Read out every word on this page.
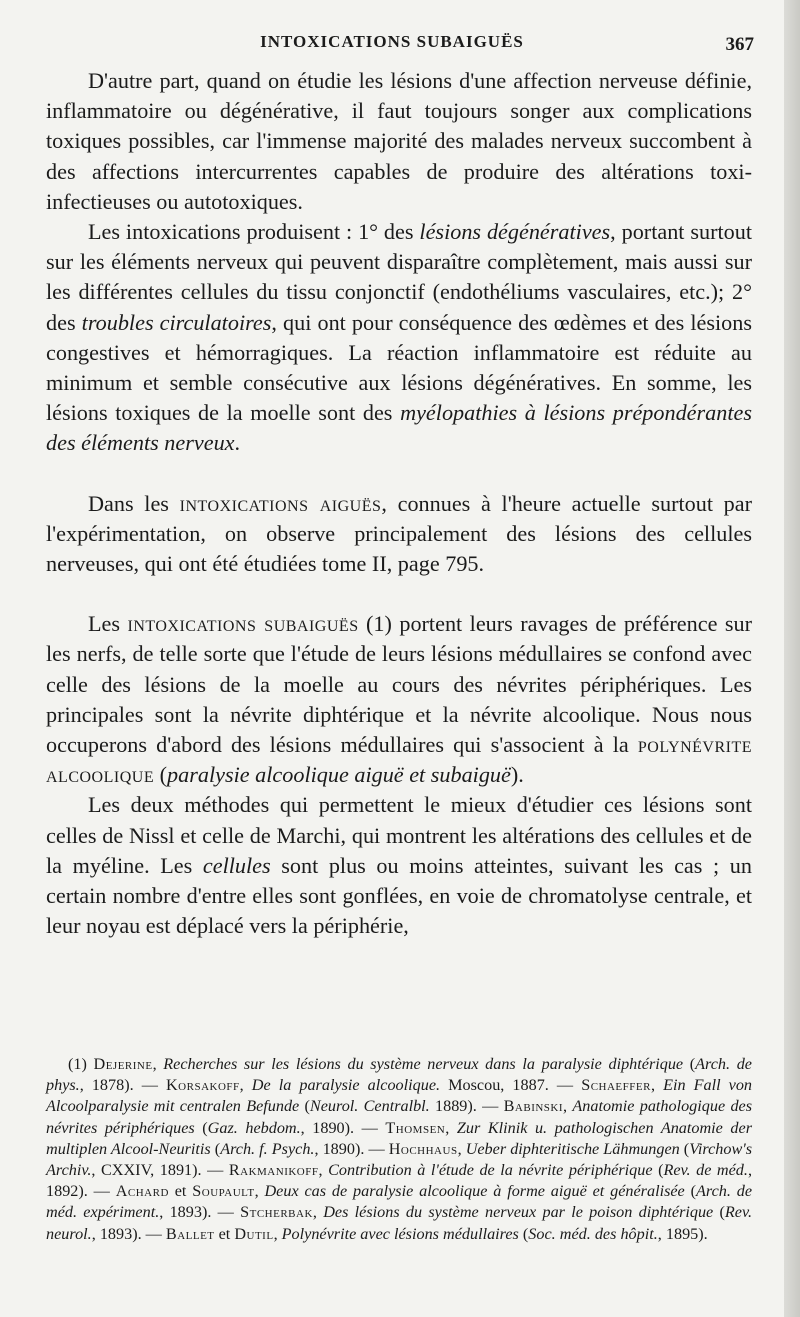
INTOXICATIONS SUBAIGUËS	367

D'autre part, quand on étudie les lésions d'une affection nerveuse définie, inflammatoire ou dégénérative, il faut toujours songer aux complications toxiques possibles, car l'immense majorité des malades nerveux succombent à des affections intercurrentes capables de produire des altérations toxi-infectieuses ou autotoxiques.

Les intoxications produisent : 1° des lésions dégénératives, portant surtout sur les éléments nerveux qui peuvent disparaître complètement, mais aussi sur les différentes cellules du tissu conjonctif (endothéliums vasculaires, etc.); 2° des troubles circulatoires, qui ont pour conséquence des œdèmes et des lésions congestives et hémorragiques. La réaction inflammatoire est réduite au minimum et semble consécutive aux lésions dégénératives. En somme, les lésions toxiques de la moelle sont des myélopathies à lésions prépondérantes des éléments nerveux.

Dans les intoxications aiguës, connues à l'heure actuelle surtout par l'expérimentation, on observe principalement des lésions des cellules nerveuses, qui ont été étudiées tome II, page 795.

Les intoxications subaiguës (1) portent leurs ravages de préférence sur les nerfs, de telle sorte que l'étude de leurs lésions médullaires se confond avec celle des lésions de la moelle au cours des névrites périphériques. Les principales sont la névrite diphtérique et la névrite alcoolique. Nous nous occuperons d'abord des lésions médullaires qui s'associent à la polynévrite alcoolique (paralysie alcoolique aiguë et subaiguë).

Les deux méthodes qui permettent le mieux d'étudier ces lésions sont celles de Nissl et celle de Marchi, qui montrent les altérations des cellules et de la myéline. Les cellules sont plus ou moins atteintes, suivant les cas ; un certain nombre d'entre elles sont gonflées, en voie de chromatolyse centrale, et leur noyau est déplacé vers la périphérie,

(1) Dejerine, Recherches sur les lésions du système nerveux dans la paralysie diphtérique (Arch. de phys., 1878). — Korsakoff, De la paralysie alcoolique. Moscou, 1887. — Schaeffer, Ein Fall von Alcoolparalysie mit centralen Befunde (Neurol. Centralbl. 1889). — Babinski, Anatomie pathologique des névrites périphériques (Gaz. hebdom., 1890). — Thomsen, Zur Klinik u. pathologischen Anatomie der multiplen Alcool-Neuritis (Arch. f. Psych., 1890). — Hochhaus, Ueber diphteritische Lähmungen (Virchow's Archiv., CXXIV, 1891). — Rakmanikoff, Contribution à l'étude de la névrite périphérique (Rev. de méd., 1892). — Achard et Soupault, Deux cas de paralysie alcoolique à forme aiguë et généralisée (Arch. de méd. expériment., 1893). — Stcherbak, Des lésions du système nerveux par le poison diphtérique (Rev. neurol., 1893). — Ballet et Dutil, Polynévrite avec lésions médullaires (Soc. méd. des hôpit., 1895).
